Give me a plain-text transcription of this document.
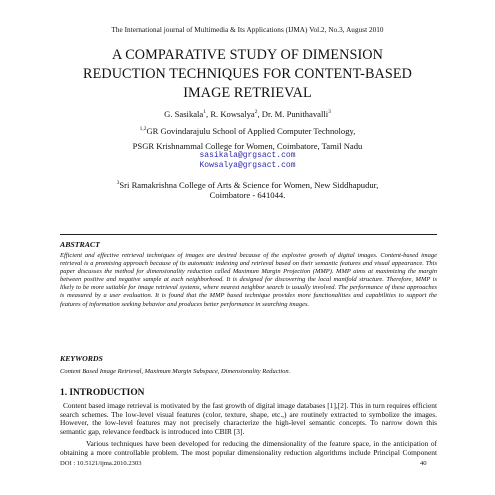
The International journal of Multimedia & Its Applications (IJMA) Vol.2, No.3, August 2010
A COMPARATIVE STUDY OF DIMENSION
REDUCTION TECHNIQUES FOR CONTENT-BASED
IMAGE RETRIEVAL
G. Sasikala$^1$, R. Kowsalya$^2$, Dr. M. Punithavalli$^3$
$^{1,2}$GR Govindarajulu School of Applied Computer Technology,
PSGR Krishnammal College for Women, Coimbatore, Tamil Nadu
sasikala@grgsact.com
Kowsalya@grgsact.com
$^3$Sri Ramakrishna College of Arts & Science for Women, New Siddhapudur,
Coimbatore - 641044.
ABSTRACT
Efficient and effective retrieval techniques of images are desired because of the explosive growth of digital images. Content-based image retrieval is a promising approach because of its automatic indexing and retrieval based on their semantic features and visual appearance. This paper discusses the method for dimensionality reduction called Maximum Margin Projection (MMP). MMP aims at maximizing the margin between positive and negative sample at each neighborhood. It is designed for discovering the local manifold structure. Therefore, MMP is likely to be more suitable for image retrieval systems, where nearest neighbor search is usually involved. The performance of these approaches is measured by a user evaluation. It is found that the MMP based technique provides more functionalities and capabilities to support the features of information seeking behavior and produces better performance in searching images.
KEYWORDS
Content Based Image Retrieval, Maximum Margin Subspace, Dimensionality Reduction.
1. INTRODUCTION
Content based image retrieval is motivated by the fast growth of digital image databases [1],[2]. This in turn requires efficient search schemes. The low-level visual features (color, texture, shape, etc.,) are routinely extracted to symbolize the images. However, the low-level features may not precisely characterize the high-level semantic concepts. To narrow down this semantic gap, relevance feedback is introduced into CBIR [3].
Various techniques have been developed for reducing the dimensionality of the feature space, in the anticipation of obtaining a more controllable problem. The most popular dimensionality reduction algorithms include Principal Component
DOI : 10.5121/ijma.2010.2303	40
